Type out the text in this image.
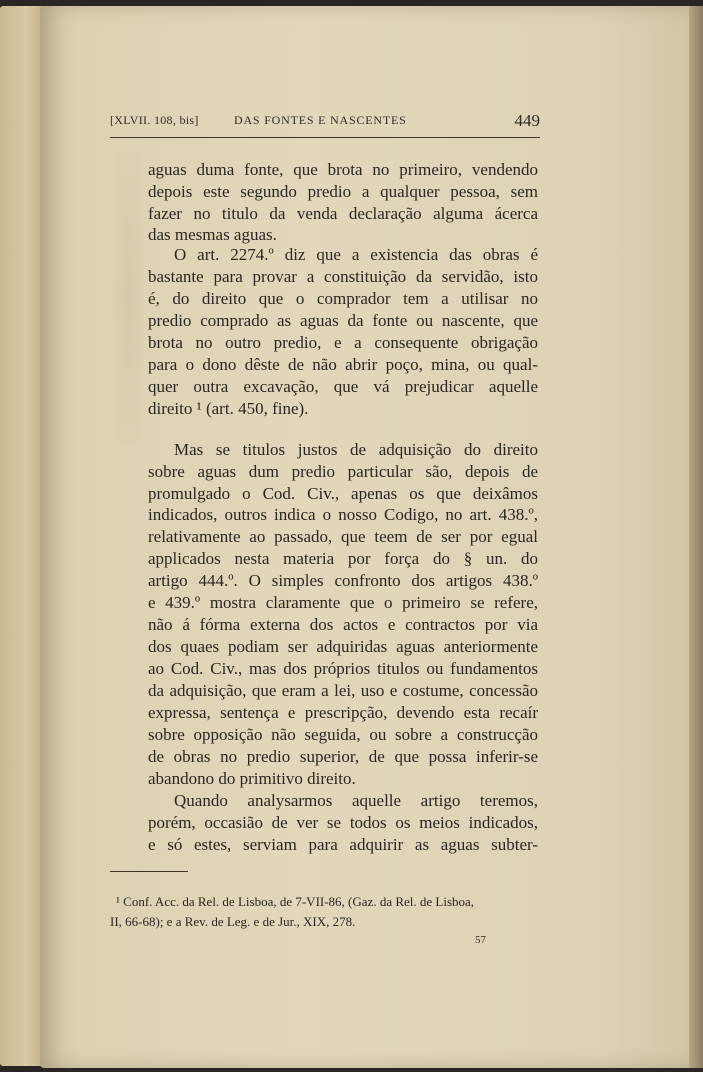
[XLVII. 108, bis]	DAS FONTES E NASCENTES	449
aguas duma fonte, que brota no primeiro, vendendo
depois este segundo predio a qualquer pessoa, sem
fazer no titulo da venda declaração alguma ácerca
das mesmas aguas.
O art. 2274.º diz que a existencia das obras é
bastante para provar a constituição da servidão, isto
é, do direito que o comprador tem a utilisar no
predio comprado as aguas da fonte ou nascente, que
brota no outro predio, e a consequente obrigação
para o dono dêste de não abrir poço, mina, ou qual-
quer outra excavação, que vá prejudicar aquelle
direito ¹ (art. 450, fine).
Mas se titulos justos de adquisição do direito
sobre aguas dum predio particular são, depois de
promulgado o Cod. Civ., apenas os que deixâmos
indicados, outros indica o nosso Codigo, no art. 438.º,
relativamente ao passado, que teem de ser por egual
applicados nesta materia por força do § un. do
artigo 444.º. O simples confronto dos artigos 438.º
e 439.º mostra claramente que o primeiro se refere,
não á fórma externa dos actos e contractos por via
dos quaes podiam ser adquiridas aguas anteriormente
ao Cod. Civ., mas dos próprios titulos ou fundamentos
da adquisição, que eram a lei, uso e costume, concessão
expressa, sentença e prescripção, devendo esta recaír
sobre opposição não seguida, ou sobre a construcção
de obras no predio superior, de que possa inferir-se
abandono do primitivo direito.
Quando analysarmos aquelle artigo teremos,
porém, occasião de ver se todos os meios indicados,
e só estes, serviam para adquirir as aguas subter-
¹ Conf. Acc. da Rel. de Lisboa, de 7-VII-86, (Gaz. da Rel. de Lisboa,
II, 66-68); e a Rev. de Leg. e de Jur., XIX, 278.
57
